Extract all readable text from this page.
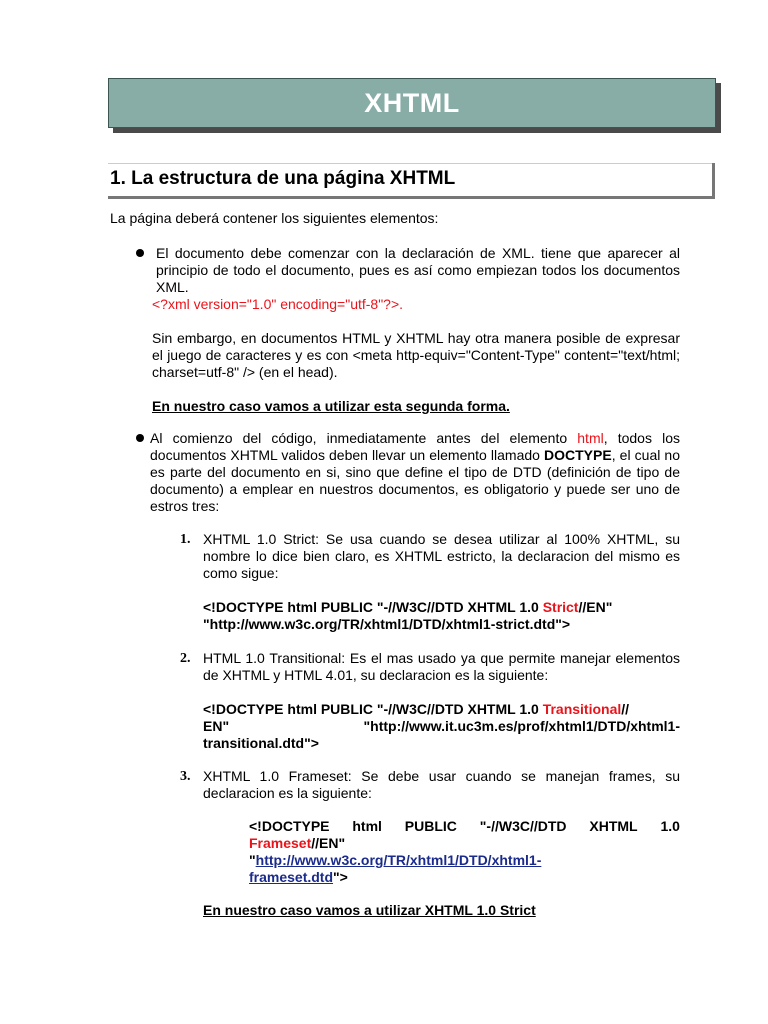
XHTML
1. La estructura de una página XHTML
La página deberá contener los siguientes elementos:
El documento debe comenzar con la declaración de XML. tiene que aparecer al principio de todo el documento, pues es así como empiezan todos los documentos XML.
<?xml version="1.0" encoding="utf-8"?>.
Sin embargo, en documentos HTML y XHTML hay otra manera posible de expresar el juego de caracteres y es con <meta http-equiv="Content-Type" content="text/html; charset=utf-8" /> (en el head).
En nuestro caso vamos a utilizar esta segunda forma.
Al comienzo del código, inmediatamente antes del elemento html, todos los documentos XHTML validos deben llevar un elemento llamado DOCTYPE, el cual no es parte del documento en si, sino que define el tipo de DTD (definición de tipo de documento) a emplear en nuestros documentos, es obligatorio y puede ser uno de estros tres:
1. XHTML 1.0 Strict: Se usa cuando se desea utilizar al 100% XHTML, su nombre lo dice bien claro, es XHTML estricto, la declaracion del mismo es como sigue:
<!DOCTYPE html PUBLIC "-//W3C//DTD XHTML 1.0 Strict//EN"
"http://www.w3c.org/TR/xhtml1/DTD/xhtml1-strict.dtd">
2. HTML 1.0 Transitional: Es el mas usado ya que permite manejar elementos de XHTML y HTML 4.01, su declaracion es la siguiente:
<!DOCTYPE html PUBLIC "-//W3C//DTD XHTML 1.0 Transitional//
EN"	"http://www.it.uc3m.es/prof/xhtml1/DTD/xhtml1-
transitional.dtd">
3. XHTML 1.0 Frameset: Se debe usar cuando se manejan frames, su declaracion es la siguiente:
<!DOCTYPE html PUBLIC "-//W3C//DTD XHTML 1.0
Frameset//EN"
"http://www.w3c.org/TR/xhtml1/DTD/xhtml1-
frameset.dtd">
En nuestro caso vamos a utilizar XHTML 1.0 Strict
